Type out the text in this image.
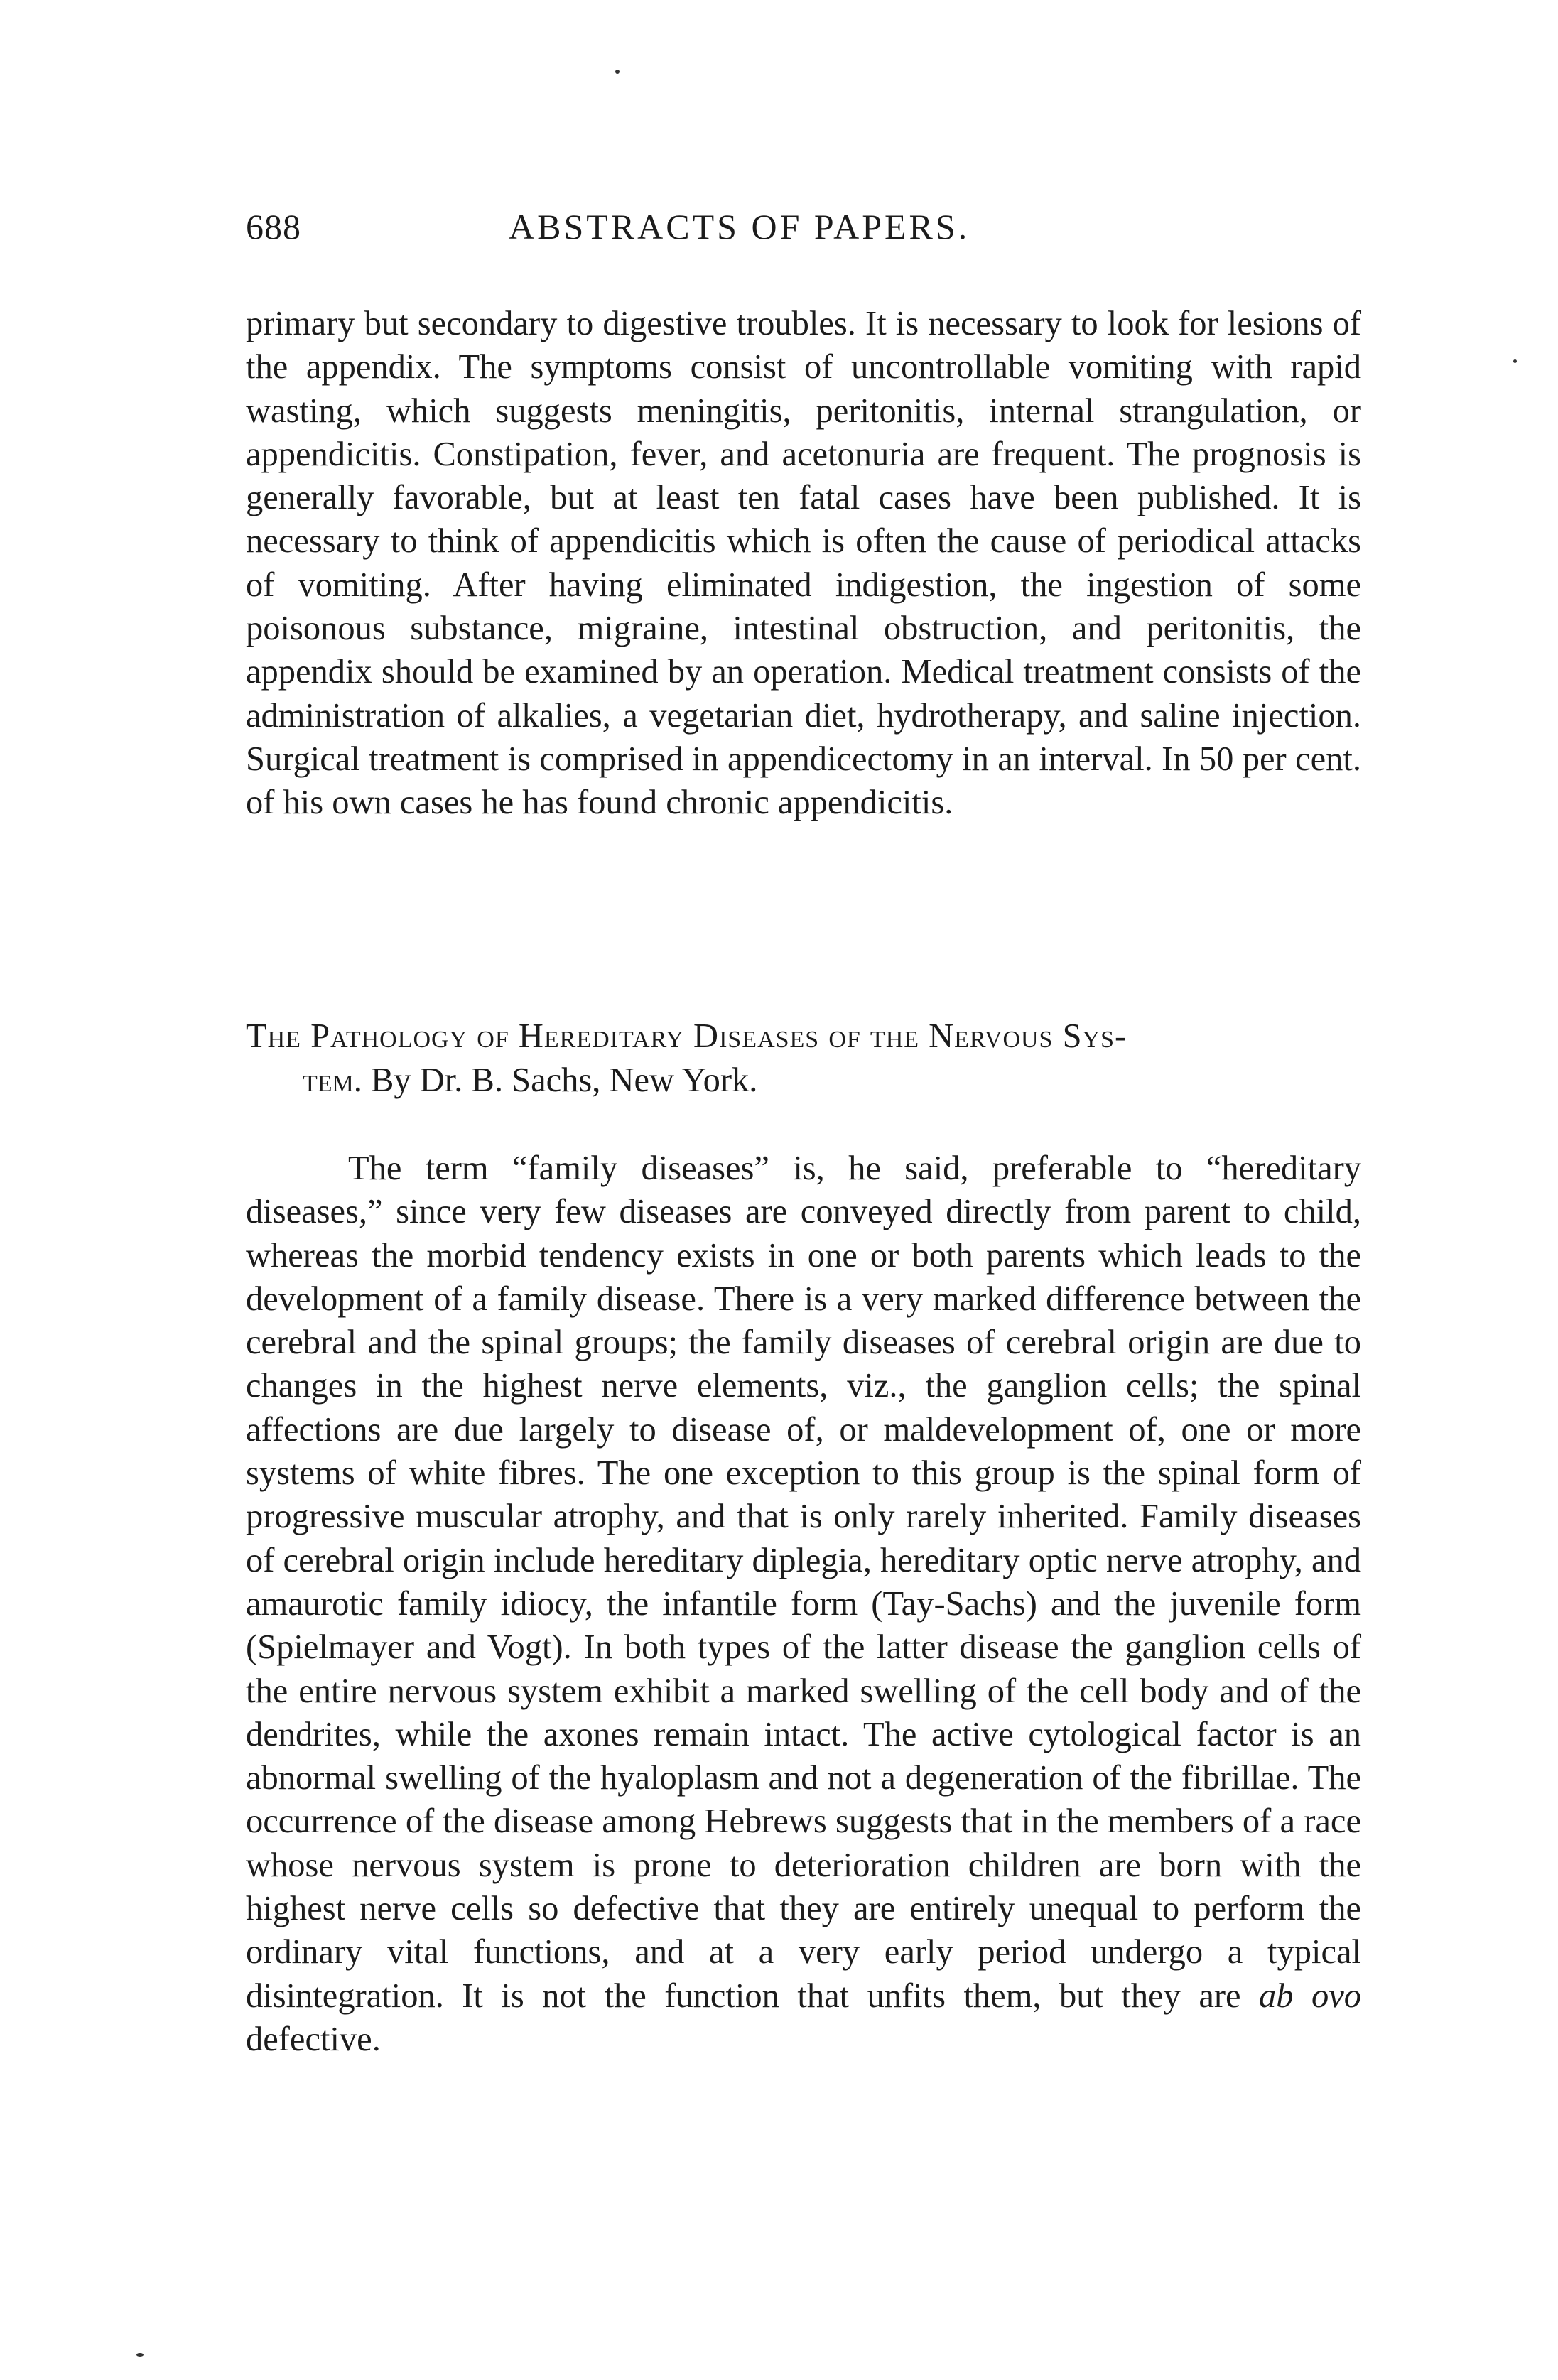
688	ABSTRACTS OF PAPERS.

primary but secondary to digestive troubles. It is necessary to look for lesions of the appendix. The symptoms consist of uncontrollable vomiting with rapid wasting, which suggests meningitis, peritonitis, internal strangulation, or appendicitis. Constipation, fever, and acetonuria are frequent. The prognosis is generally favorable, but at least ten fatal cases have been published. It is necessary to think of appendicitis which is often the cause of periodical attacks of vomiting. After having eliminated indigestion, the ingestion of some poisonous substance, migraine, intestinal obstruction, and peritonitis, the appendix should be examined by an operation. Medical treatment consists of the administration of alkalies, a vegetarian diet, hydrotherapy, and saline injection. Surgical treatment is comprised in appendicectomy in an interval. In 50 per cent. of his own cases he has found chronic appendicitis.

The Pathology of Hereditary Diseases of the Nervous Sys-
tem. By Dr. B. Sachs, New York.

The term “family diseases” is, he said, preferable to “hereditary diseases,” since very few diseases are conveyed directly from parent to child, whereas the morbid tendency exists in one or both parents which leads to the development of a family disease. There is a very marked difference between the cerebral and the spinal groups; the family diseases of cerebral origin are due to changes in the highest nerve elements, viz., the ganglion cells; the spinal affections are due largely to disease of, or maldevelopment of, one or more systems of white fibres. The one exception to this group is the spinal form of progressive muscular atrophy, and that is only rarely inherited. Family diseases of cerebral origin include hereditary diplegia, hereditary optic nerve atrophy, and amaurotic family idiocy, the infantile form (Tay-Sachs) and the juvenile form (Spielmayer and Vogt). In both types of the latter disease the ganglion cells of the entire nervous system exhibit a marked swelling of the cell body and of the dendrites, while the axones remain intact. The active cytological factor is an abnormal swelling of the hyaloplasm and not a degeneration of the fibrillae. The occurrence of the disease among Hebrews suggests that in the members of a race whose nervous system is prone to deterioration children are born with the highest nerve cells so defective that they are entirely unequal to perform the ordinary vital functions, and at a very early period undergo a typical disintegration. It is not the function that unfits them, but they are ab ovo defective.
